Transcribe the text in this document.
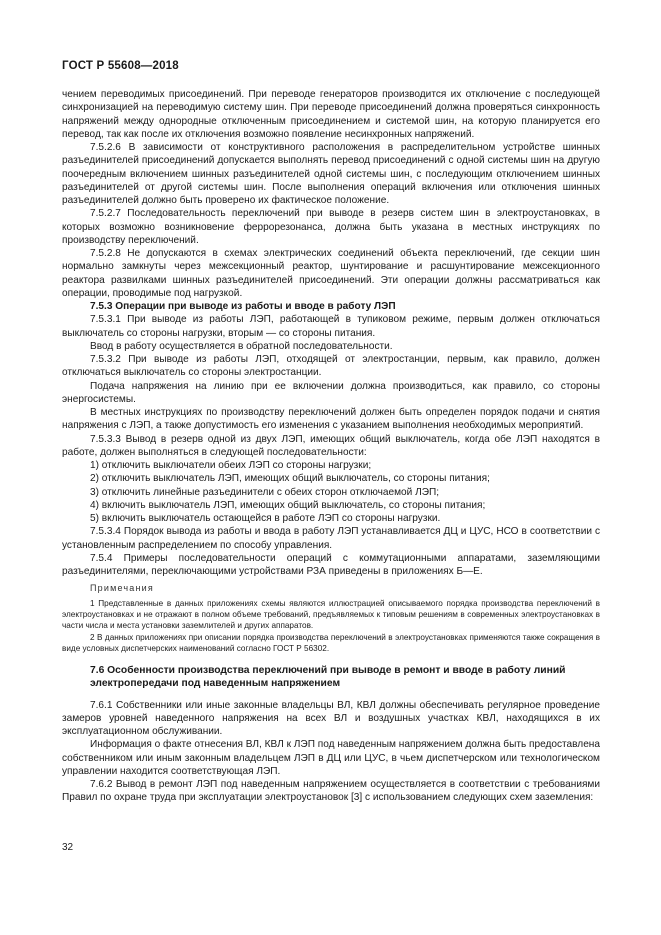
ГОСТ Р 55608—2018

чением переводимых присоединений. При переводе генераторов производится их отключение с последующей синхронизацией на переводимую систему шин. При переводе присоединений должна проверяться синхронность напряжений между однородные отключенным присоединением и системой шин, на которую планируется его перевод, так как после их отключения возможно появление несинхронных напряжений.

7.5.2.6 В зависимости от конструктивного расположения в распределительном устройстве шинных разъединителей присоединений допускается выполнять перевод присоединений с одной системы шин на другую поочередным включением шинных разъединителей одной системы шин, с последующим отключением шинных разъединителей от другой системы шин. После выполнения операций включения или отключения шинных разъединителей должно быть проверено их фактическое положение.

7.5.2.7 Последовательность переключений при выводе в резерв систем шин в электроустановках, в которых возможно возникновение феррорезонанса, должна быть указана в местных инструкциях по производству переключений.

7.5.2.8 Не допускаются в схемах электрических соединений объекта переключений, где секции шин нормально замкнуты через межсекционный реактор, шунтирование и расшунтирование межсекционного реактора развилками шинных разъединителей присоединений. Эти операции должны рассматриваться как операции, проводимые под нагрузкой.

7.5.3 Операции при выводе из работы и вводе в работу ЛЭП

7.5.3.1 При выводе из работы ЛЭП, работающей в тупиковом режиме, первым должен отключаться выключатель со стороны нагрузки, вторым — со стороны питания.

Ввод в работу осуществляется в обратной последовательности.

7.5.3.2 При выводе из работы ЛЭП, отходящей от электростанции, первым, как правило, должен отключаться выключатель со стороны электростанции.

Подача напряжения на линию при ее включении должна производиться, как правило, со стороны энергосистемы.

В местных инструкциях по производству переключений должен быть определен порядок подачи и снятия напряжения с ЛЭП, а также допустимость его изменения с указанием выполнения необходимых мероприятий.

7.5.3.3 Вывод в резерв одной из двух ЛЭП, имеющих общий выключатель, когда обе ЛЭП находятся в работе, должен выполняться в следующей последовательности:

1) отключить выключатели обеих ЛЭП со стороны нагрузки;

2) отключить выключатель ЛЭП, имеющих общий выключатель, со стороны питания;

3) отключить линейные разъединители с обеих сторон отключаемой ЛЭП;

4) включить выключатель ЛЭП, имеющих общий выключатель, со стороны питания;

5) включить выключатель остающейся в работе ЛЭП со стороны нагрузки.

7.5.3.4 Порядок вывода из работы и ввода в работу ЛЭП устанавливается ДЦ и ЦУС, НСО в соответствии с установленным распределением по способу управления.

7.5.4 Примеры последовательности операций с коммутационными аппаратами, заземляющими разъединителями, переключающими устройствами РЗА приведены в приложениях Б—Е.

Примечания

1 Представленные в данных приложениях схемы являются иллюстрацией описываемого порядка производства переключений в электроустановках и не отражают в полном объеме требований, предъявляемых к типовым решениям в современных электроустановках в части числа и места установки заземлителей и других аппаратов.

2 В данных приложениях при описании порядка производства переключений в электроустановках применяются также сокращения в виде условных диспетчерских наименований согласно ГОСТ Р 56302.

7.6 Особенности производства переключений при выводе в ремонт и вводе в работу линий электропередачи под наведенным напряжением

7.6.1 Собственники или иные законные владельцы ВЛ, КВЛ должны обеспечивать регулярное проведение замеров уровней наведенного напряжения на всех ВЛ и воздушных участках КВЛ, находящихся в их эксплуатационном обслуживании.

Информация о факте отнесения ВЛ, КВЛ к ЛЭП под наведенным напряжением должна быть предоставлена собственником или иным законным владельцем ЛЭП в ДЦ или ЦУС, в чьем диспетчерском или технологическом управлении находится соответствующая ЛЭП.

7.6.2 Вывод в ремонт ЛЭП под наведенным напряжением осуществляется в соответствии с требованиями Правил по охране труда при эксплуатации электроустановок [3] с использованием следующих схем заземления:

32
